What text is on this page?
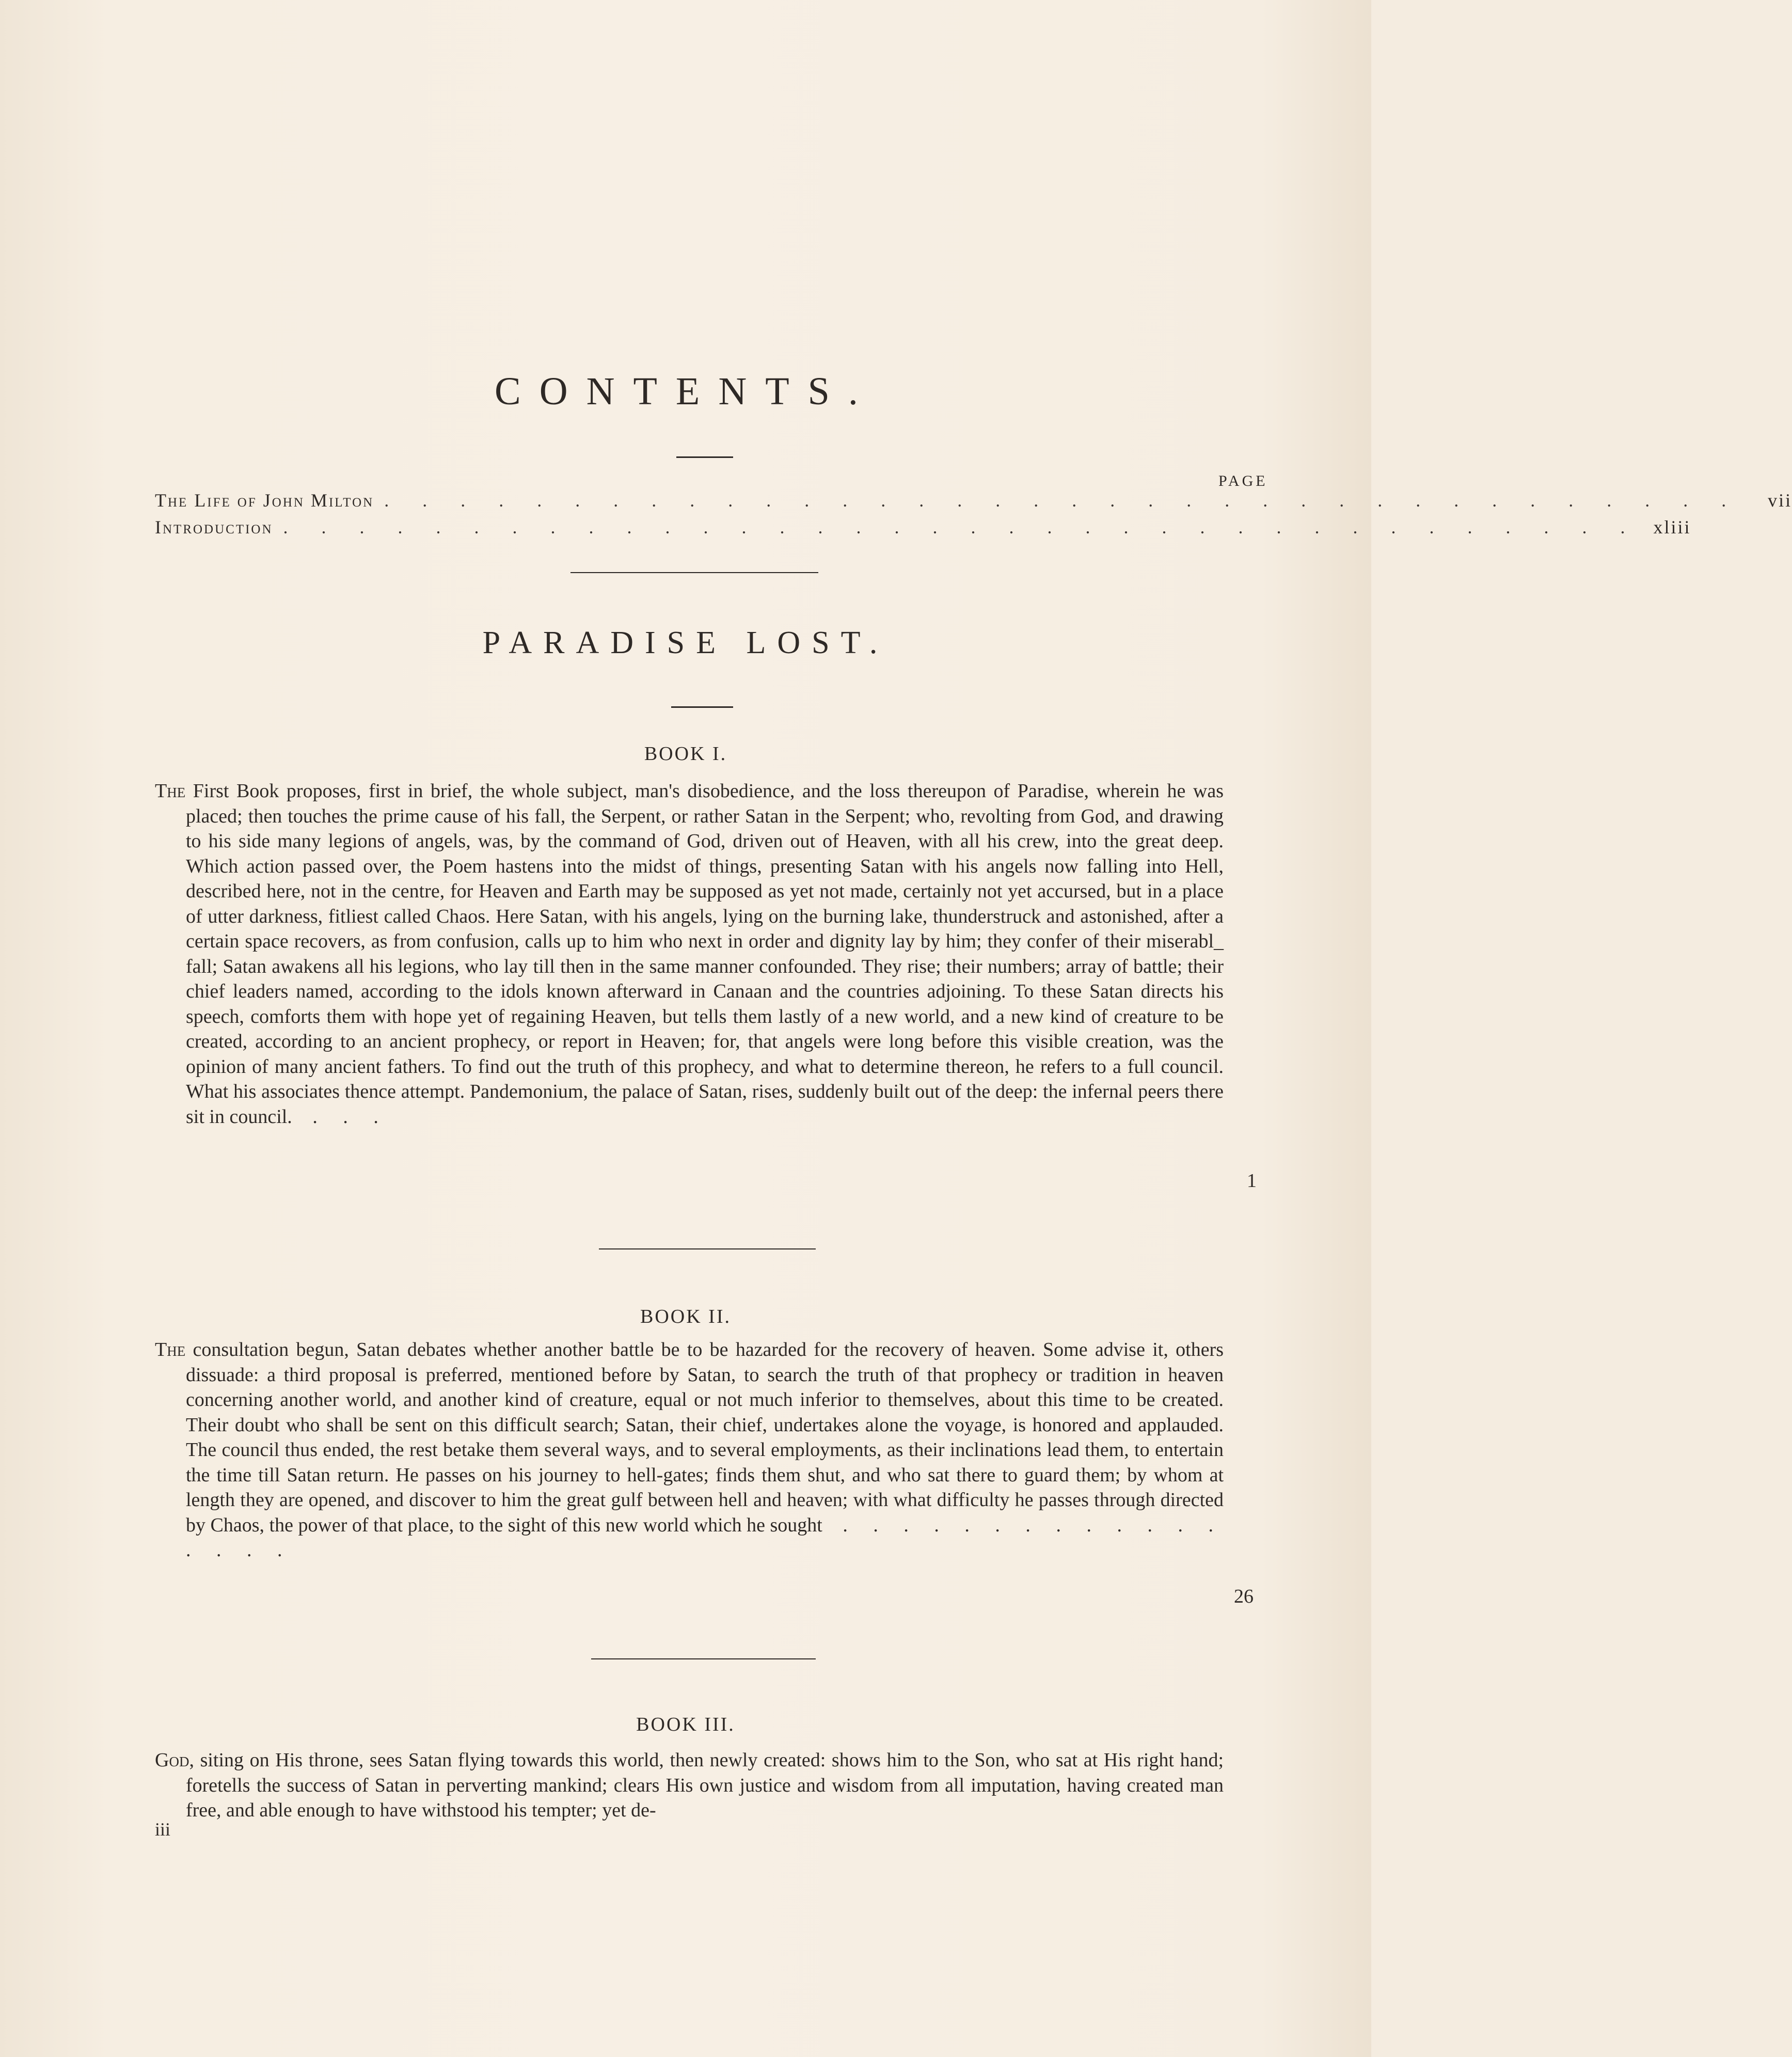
CONTENTS.
PAGE
The Life of John Milton . . . . . . . . . . . . . . . . . . . . . . . . . . . . . . . . . . . .	vii
Introduction . . . . . . . . . . . . . . . . . . . . . . . . . . . . . . . . . . . . xliii
PARADISE LOST.
BOOK I.
The First Book proposes, first in brief, the whole subject, man's disobedience, and the loss thereupon of Paradise, wherein he was placed; then touches the prime cause of his fall, the Serpent, or rather Satan in the Serpent; who, revolting from God, and drawing to his side many legions of angels, was, by the command of God, driven out of Heaven, with all his crew, into the great deep. Which action passed over, the Poem hastens into the midst of things, presenting Satan with his angels now falling into Hell, described here, not in the centre, for Heaven and Earth may be supposed as yet not made, certainly not yet accursed, but in a place of utter darkness, fitliest called Chaos. Here Satan, with his angels, lying on the burning lake, thunderstruck and astonished, after a certain space recovers, as from confusion, calls up to him who next in order and dignity lay by him; they confer of their miserabl_ fall; Satan awakens all his legions, who lay till then in the same manner confounded. They rise; their numbers; array of battle; their chief leaders named, according to the idols known afterward in Canaan and the countries adjoining. To these Satan directs his speech, comforts them with hope yet of regaining Heaven, but tells them lastly of a new world, and a new kind of creature to be created, according to an ancient prophecy, or report in Heaven; for, that angels were long before this visible creation, was the opinion of many ancient fathers. To find out the truth of this prophecy, and what to determine thereon, he refers to a full council. What his associates thence attempt. Pandemonium, the palace of Satan, rises, suddenly built out of the deep: the infernal peers there sit in council. . . .
1
BOOK II.
The consultation begun, Satan debates whether another battle be to be hazarded for the recovery of heaven. Some advise it, others dissuade: a third proposal is preferred, mentioned before by Satan, to search the truth of that prophecy or tradition in heaven concerning another world, and another kind of creature, equal or not much inferior to themselves, about this time to be created. Their doubt who shall be sent on this difficult search; Satan, their chief, undertakes alone the voyage, is honored and applauded. The council thus ended, the rest betake them several ways, and to several employments, as their inclinations lead them, to entertain the time till Satan return. He passes on his journey to hell-gates; finds them shut, and who sat there to guard them; by whom at length they are opened, and discover to him the great gulf between hell and heaven; with what difficulty he passes through directed by Chaos, the power of that place, to the sight of this new world which he sought . . . . . . . . . . . . . . . . .
26
BOOK III.
God, siting on His throne, sees Satan flying towards this world, then newly created: shows him to the Son, who sat at His right hand; foretells the success of Satan in perverting mankind; clears His own justice and wisdom from all imputation, having created man free, and able enough to have withstood his tempter; yet de-
iii
